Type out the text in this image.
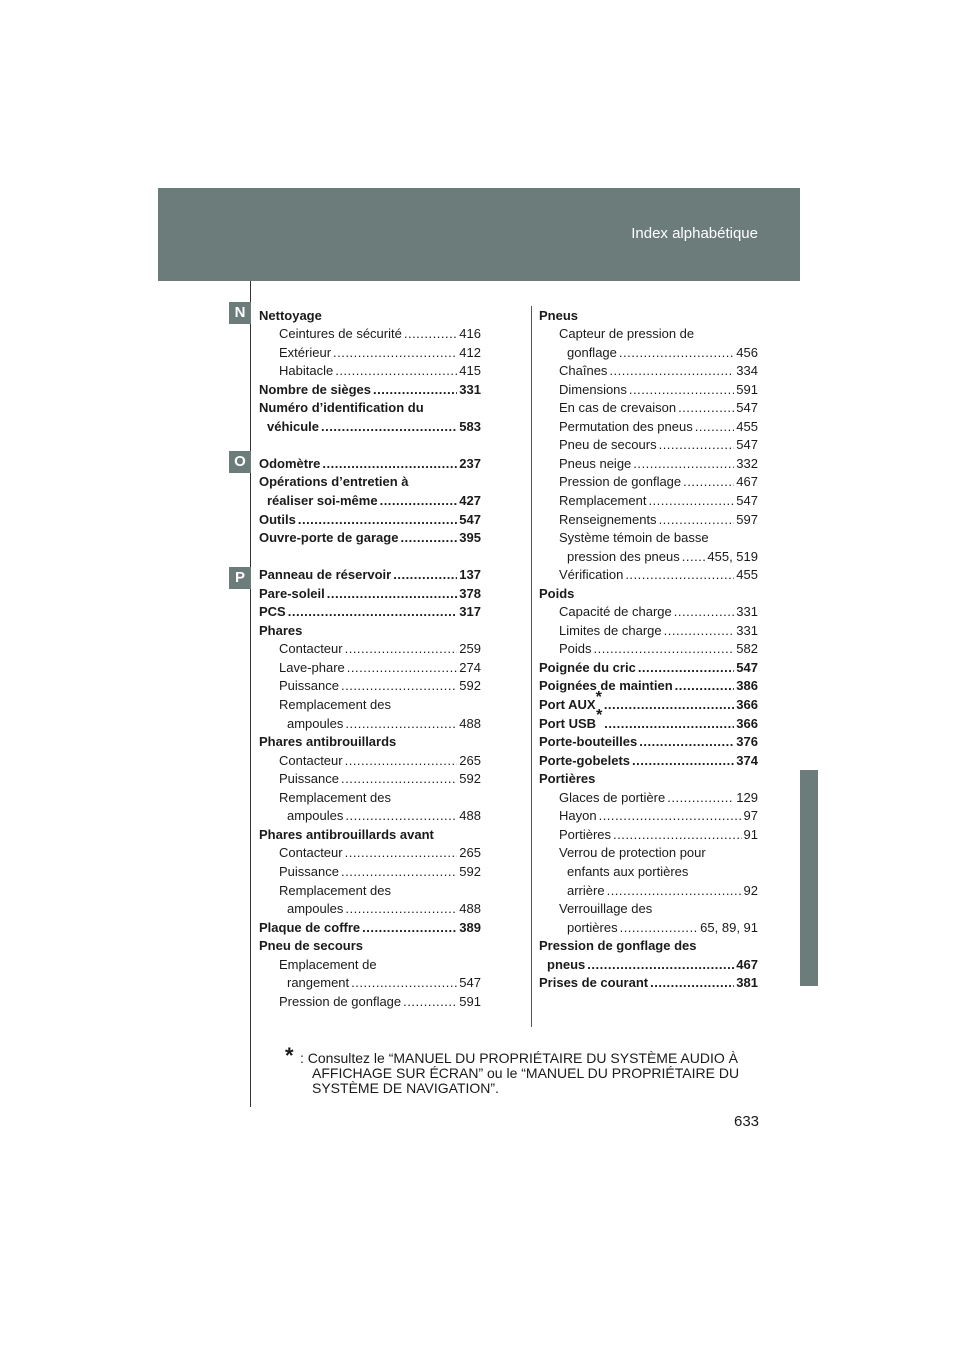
Index alphabétique
N
O
P
Nettoyage
Ceintures de sécurité .....	416
Extérieur .....	412
Habitacle .....	415
Nombre de sièges .....	331
Numéro d’identification du
véhicule .....	583
Odomètre .....	237
Opérations d’entretien à
réaliser soi-même .....	427
Outils .....	547
Ouvre-porte de garage .....	395
Panneau de réservoir .....	137
Pare-soleil .....	378
PCS .....	317
Phares
Contacteur .....	259
Lave-phare .....	274
Puissance .....	592
Remplacement des
ampoules .....	488
Phares antibrouillards
Contacteur .....	265
Puissance .....	592
Remplacement des
ampoules .....	488
Phares antibrouillards avant
Contacteur .....	265
Puissance .....	592
Remplacement des
ampoules .....	488
Plaque de coffre .....	389
Pneu de secours
Emplacement de
rangement .....	547
Pression de gonflage .....	591
Pneus
Capteur de pression de
gonflage .....	456
Chaînes .....	334
Dimensions .....	591
En cas de crevaison .....	547
Permutation des pneus .....	455
Pneu de secours .....	547
Pneus neige .....	332
Pression de gonflage .....	467
Remplacement .....	547
Renseignements .....	597
Système témoin de basse
pression des pneus ..... 455, 519
Vérification .....	455
Poids
Capacité de charge .....	331
Limites de charge .....	331
Poids .....	582
Poignée du cric .....	547
Poignées de maintien .....	386
Port AUX* .....	366
Port USB* .....	366
Porte-bouteilles .....	376
Porte-gobelets .....	374
Portières
Glaces de portière .....	129
Hayon .....	97
Portières .....	91
Verrou de protection pour
enfants aux portières
arrière .....	92
Verrouillage des
portières .....	65, 89, 91
Pression de gonflage des
pneus .....	467
Prises de courant .....	381
* : Consultez le “MANUEL DU PROPRIÉTAIRE DU SYSTÈME AUDIO À AFFICHAGE SUR ÉCRAN” ou le “MANUEL DU PROPRIÉTAIRE DU SYSTÈME DE NAVIGATION”.
633
